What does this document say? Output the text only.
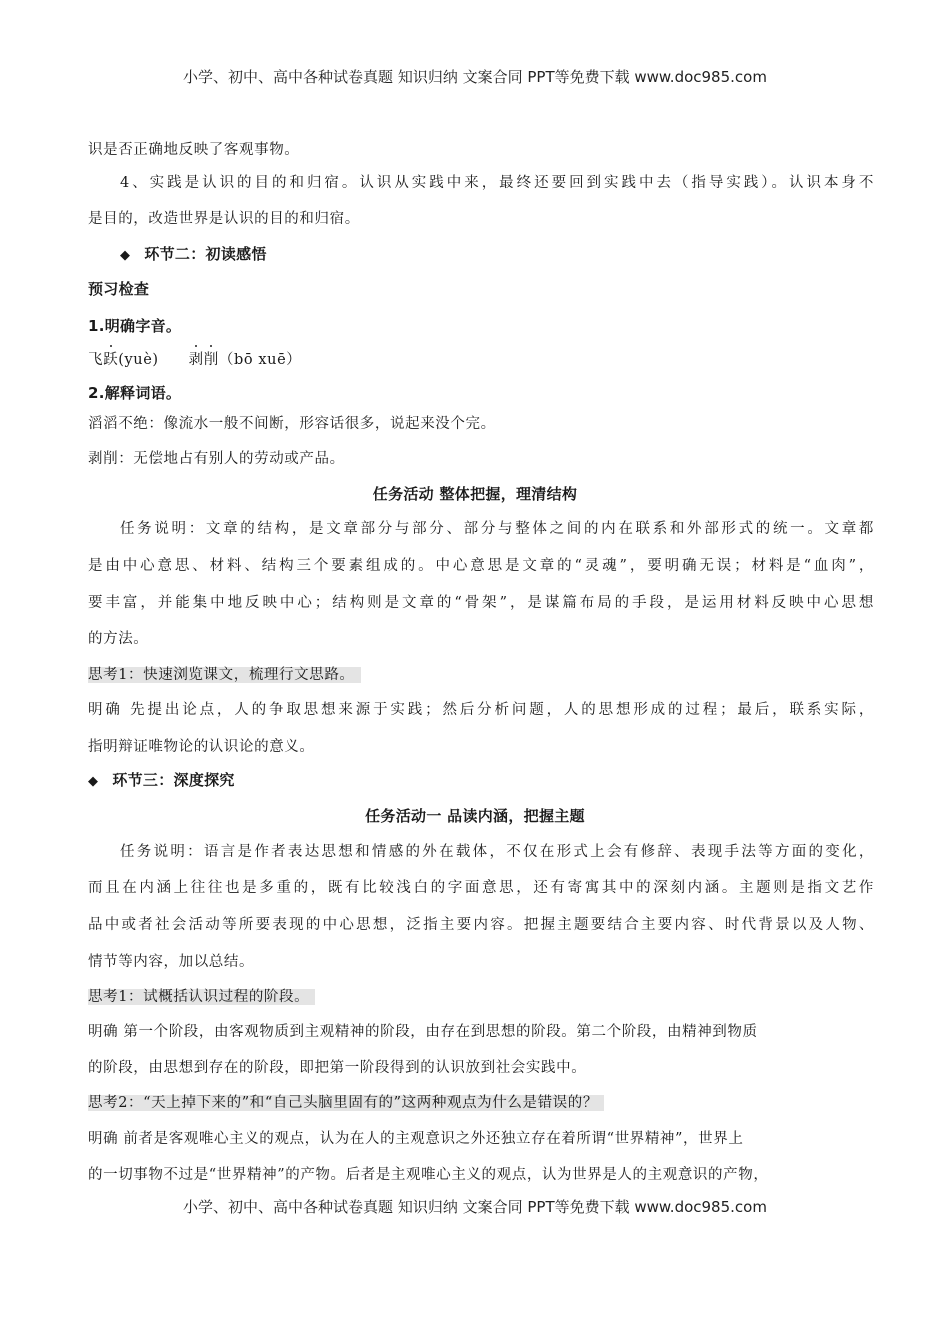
小学、初中、高中各种试卷真题 知识归纳 文案合同 PPT等免费下载 www.doc985.com
识是否正确地反映了客观事物。
4、实践是认识的目的和归宿。认识从实践中来，最终还要回到实践中去（指导实践）。认识本身不
是目的，改造世界是认识的目的和归宿。
◆ 环节二：初读感悟
预习检查
1.明确字音。
飞跃(yuè) 剥削（bō xuē）
2.解释词语。
滔滔不绝：像流水一般不间断，形容话很多，说起来没个完。
剥削：无偿地占有别人的劳动或产品。
任务活动 整体把握，理清结构
任务说明：文章的结构，是文章部分与部分、部分与整体之间的内在联系和外部形式的统一。文章都
是由中心意思、材料、结构三个要素组成的。中心意思是文章的“灵魂”，要明确无误；材料是“血肉”，
要丰富，并能集中地反映中心；结构则是文章的“骨架”，是谋篇布局的手段，是运用材料反映中心思想
的方法。
思考1：快速浏览课文，梳理行文思路。
明确 先提出论点，人的争取思想来源于实践；然后分析问题，人的思想形成的过程；最后，联系实际，
指明辩证唯物论的认识论的意义。
◆ 环节三：深度探究
任务活动一 品读内涵，把握主题
任务说明：语言是作者表达思想和情感的外在载体，不仅在形式上会有修辞、表现手法等方面的变化，
而且在内涵上往往也是多重的，既有比较浅白的字面意思，还有寄寓其中的深刻内涵。主题则是指文艺作
品中或者社会活动等所要表现的中心思想，泛指主要内容。把握主题要结合主要内容、时代背景以及人物、
情节等内容，加以总结。
思考1：试概括认识过程的阶段。
明确 第一个阶段，由客观物质到主观精神的阶段，由存在到思想的阶段。第二个阶段，由精神到物质
的阶段，由思想到存在的阶段，即把第一阶段得到的认识放到社会实践中。
思考2：“天上掉下来的”和“自己头脑里固有的”这两种观点为什么是错误的？
明确 前者是客观唯心主义的观点，认为在人的主观意识之外还独立存在着所谓“世界精神”，世界上
的一切事物不过是“世界精神”的产物。后者是主观唯心主义的观点，认为世界是人的主观意识的产物，
小学、初中、高中各种试卷真题 知识归纳 文案合同 PPT等免费下载 www.doc985.com
